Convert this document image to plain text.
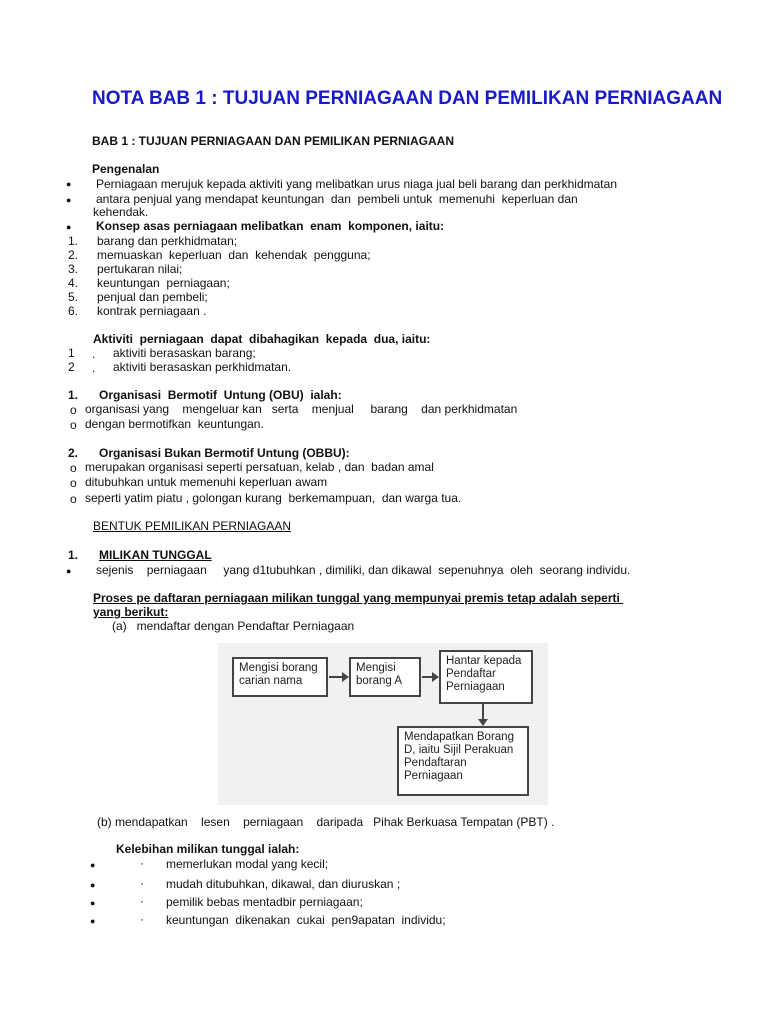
NOTA BAB 1 : TUJUAN PERNIAGAAN DAN PEMILIKAN PERNIAGAAN
BAB 1 : TUJUAN PERNIAGAAN DAN PEMILIKAN PERNIAGAAN
Pengenalan
● Perniagaan merujuk kepada aktiviti yang melibatkan urus niaga jual beli barang dan perkhidmatan
● antara penjual yang mendapat keuntungan  dan  pembeli untuk  memenuhi  keperluan dan
kehendak.
● Konsep asas perniagaan melibatkan  enam  komponen, iaitu:
1. barang dan perkhidmatan;
2. memuaskan  keperluan  dan  kehendak  pengguna;
3. pertukaran nilai;
4. keuntungan  perniagaan;
5. penjual dan pembeli;
6. kontrak perniagaan .
Aktiviti  perniagaan  dapat  dibahagikan  kepada  dua, iaitu:
1 . aktiviti berasaskan barang;
2 . aktiviti berasaskan perkhidmatan.
1. Organisasi  Bermotif  Untung (OBU)  ialah:
o organisasi yang    mengeluar kan   serta    menjual     barang    dan perkhidmatan
o dengan bermotifkan  keuntungan.
2. Organisasi Bukan Bermotif Untung (OBBU):
o merupakan organisasi seperti persatuan, kelab , dan  badan amal
o ditubuhkan untuk memenuhi keperluan awam
o seperti yatim piatu , golongan kurang  berkemampuan,  dan warga tua.
BENTUK PEMILIKAN PERNIAGAAN
1. MILIKAN TUNGGAL
● sejenis    perniagaan     yang d1tubuhkan , dimiliki, dan dikawal  sepenuhnya  oleh  seorang individu.
Proses pe daftaran perniagaan milikan tunggal yang mempunyai premis tetap adalah seperti
yang berikut:
(a)   mendaftar dengan Pendaftar Perniagaan
Mengisi borang
carian nama
Mengisi
borang A
Hantar kepada
Pendaftar
Perniagaan
Mendapatkan Borang
D, iaitu Sijil Perakuan
Pendaftaran
Perniagaan
(b) mendapatkan    lesen    perniagaan    daripada   Pihak Berkuasa Tempatan (PBT) .
Kelebihan milikan tunggal ialah:
●	· memerlukan modal yang kecil;
●	· mudah ditubuhkan, dikawal, dan diuruskan ;
●	· pemilik bebas mentadbir perniagaan;
●	· keuntungan  dikenakan  cukai  pen9apatan  individu;
